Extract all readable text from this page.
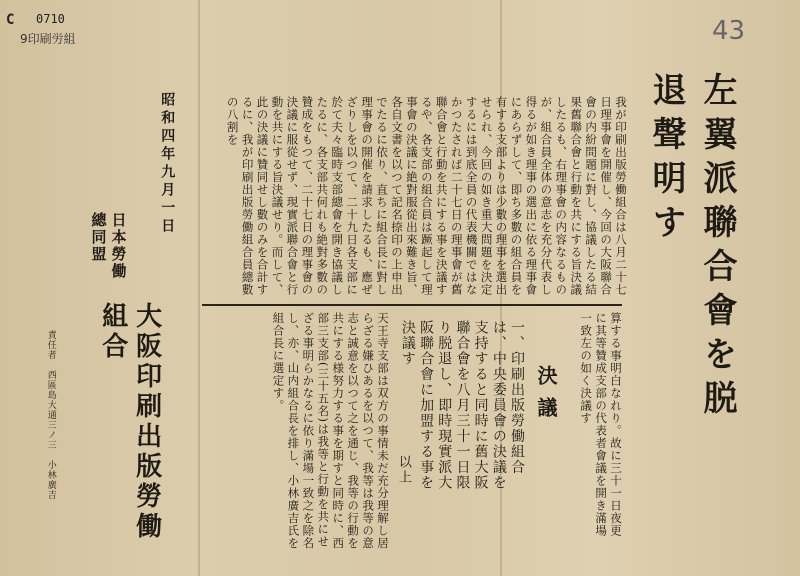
C 0710
9印刷労組	43
左翼派聯合會を脱退聲明す
我が印刷出版勞働組合は八月二十七日理事會を開催し、今回の大阪聯合會の内紛問題に對し、協議したる結果舊聯合會と行動を共にする旨決議したるも、右理事會の内容なるものが、組合員全体の意志を充分代表し得るが如き理事の選出に依る理事會にあらずして、即ち多數の組合員を有する支部よりは少數の理事を選出せられ、今回の如き重大問題を決定するには到底全員の代表機關ではなかつたされば二十七日の理事會が舊聯合會と行動を共にする事を決議するや、各支部の組合員は蹶起して理事會の決議に絶對服從出來難き旨、各自文書を以つて記名捺印の上申出でたるに依り、直ちに組合長に對し理事會の開催を請求したるも、應ぜざりしを以つて、二十九日各支部に於て夫々臨時支部總會を開き協議したるに、各支部共何れも絶對多數の贊成をもつて、二十七日の理事會の決議に服從せず、現實派聯合會と行動を共にする旨決議せり。而して、此の決議に贊同せし數のみを合計するに、我が印刷出版勞働組合員總數の八割を
算する事明白なれり。故に三十一日夜更に其等贊成支部の代表者會議を開き滿場一致左の如く決議す
決議
一、印刷出版勞働組合は、中央委員會の決議を支持すると同時に舊大阪聯合會を八月三十一日限り脱退し、即時現實派大阪聯合會に加盟する事を決議す
以上
天王寺支部は双方の事情未だ充分理解し居らざる嫌ひあるを以つて、我等は我等の意志と誠意を以つて之を通じ、我等の行動を共にする様努力する事を期すと同時に、西部三支部(三十五名)は我等と行動を共にせざる事明らかなるに依り滿場一致之を除名し、亦、山内組合長を排し、小林廣吉氏を組合長に選定す。
昭和四年九月一日
日本勞働
總同盟
大阪印刷出版勞働組合
責任者　西區島大通三ノ三　小林廣吉
